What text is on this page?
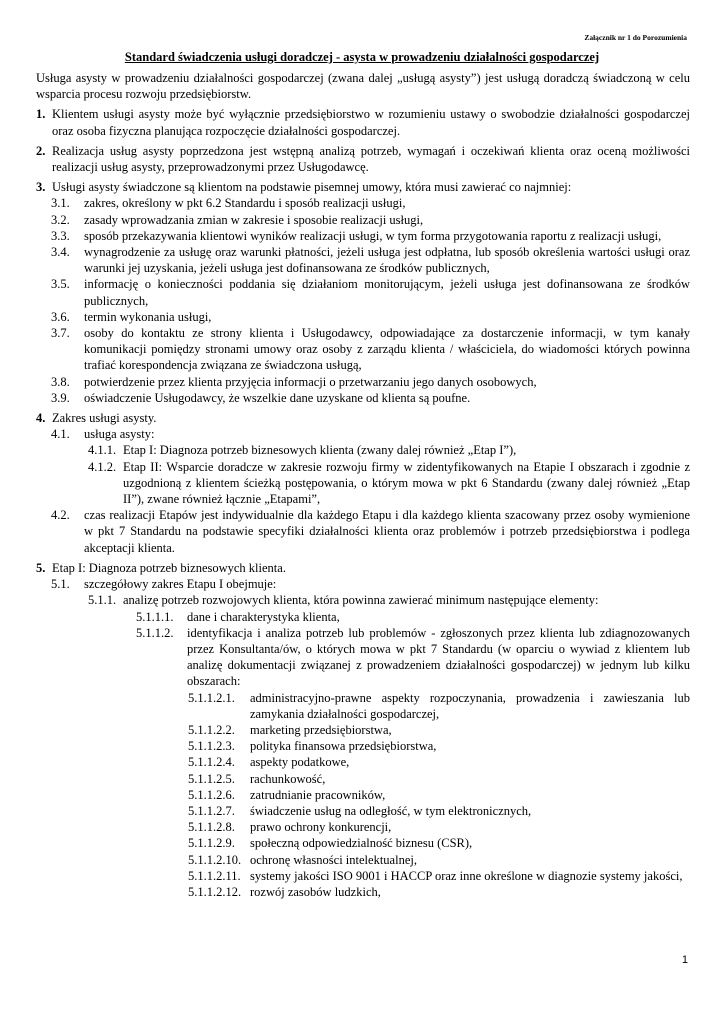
Załącznik nr 1 do Porozumienia
Standard świadczenia usługi doradczej - asysta w prowadzeniu działalności gospodarczej

Usługa asysty w prowadzeniu działalności gospodarczej (zwana dalej „usługą asysty”) jest usługą doradczą świadczoną w celu wsparcia procesu rozwoju przedsiębiorstw.

1. Klientem usługi asysty może być wyłącznie przedsiębiorstwo w rozumieniu ustawy o swobodzie działalności gospodarczej oraz osoba fizyczna planująca rozpoczęcie działalności gospodarczej.
2. Realizacja usług asysty poprzedzona jest wstępną analizą potrzeb, wymagań i oczekiwań klienta oraz oceną możliwości realizacji usług asysty, przeprowadzonymi przez Usługodawcę.
3. Usługi asysty świadczone są klientom na podstawie pisemnej umowy, która musi zawierać co najmniej:
3.1.	zakres, określony w pkt 6.2 Standardu i sposób realizacji usługi,
3.2.	zasady wprowadzania zmian w zakresie i sposobie realizacji usługi,
3.3.	sposób przekazywania klientowi wyników realizacji usługi, w tym forma przygotowania raportu z realizacji usługi,
3.4.	wynagrodzenie za usługę oraz warunki płatności, jeżeli usługa jest odpłatna, lub sposób określenia wartości usługi oraz warunki jej uzyskania, jeżeli usługa jest dofinansowana ze środków publicznych,
3.5.	informację o konieczności poddania się działaniom monitorującym, jeżeli usługa jest dofinansowana ze środków publicznych,
3.6.	termin wykonania usługi,
3.7.	osoby do kontaktu ze strony klienta i Usługodawcy, odpowiadające za dostarczenie informacji, w tym kanały komunikacji pomiędzy stronami umowy oraz osoby z zarządu klienta / właściciela, do wiadomości których powinna trafiać korespondencja związana ze świadczona usługą,
3.8.	potwierdzenie przez klienta przyjęcia informacji o przetwarzaniu jego danych osobowych,
3.9.	oświadczenie Usługodawcy, że wszelkie dane uzyskane od klienta są poufne.
4. Zakres usługi asysty.
4.1.	usługa asysty:
4.1.1. Etap I: Diagnoza potrzeb biznesowych klienta (zwany dalej również „Etap I”),
4.1.2. Etap II: Wsparcie doradcze w zakresie rozwoju firmy w zidentyfikowanych na Etapie I obszarach i zgodnie z uzgodnioną z klientem ścieżką postępowania, o którym mowa w pkt 6 Standardu (zwany dalej również „Etap II”), zwane również łącznie „Etapami”,
4.2.	czas realizacji Etapów jest indywidualnie dla każdego Etapu i dla każdego klienta szacowany przez osoby wymienione w pkt 7 Standardu na podstawie specyfiki działalności klienta oraz problemów i potrzeb przedsiębiorstwa i podlega akceptacji klienta.
5. Etap I: Diagnoza potrzeb biznesowych klienta.
5.1.	szczegółowy zakres Etapu I obejmuje:
5.1.1. analizę potrzeb rozwojowych klienta, która powinna zawierać minimum następujące elementy:
5.1.1.1.	dane i charakterystyka klienta,
5.1.1.2.	identyfikacja i analiza potrzeb lub problemów - zgłoszonych przez klienta lub zdiagnozowanych przez Konsultanta/ów, o których mowa w pkt 7 Standardu (w oparciu o wywiad z klientem lub analizę dokumentacji związanej z prowadzeniem działalności gospodarczej) w jednym lub kilku obszarach:
5.1.1.2.1.	administracyjno-prawne aspekty rozpoczynania, prowadzenia i zawieszania lub zamykania działalności gospodarczej,
5.1.1.2.2.	marketing przedsiębiorstwa,
5.1.1.2.3.	polityka finansowa przedsiębiorstwa,
5.1.1.2.4.	aspekty podatkowe,
5.1.1.2.5.	rachunkowość,
5.1.1.2.6.	zatrudnianie pracowników,
5.1.1.2.7.	świadczenie usług na odległość, w tym elektronicznych,
5.1.1.2.8.	prawo ochrony konkurencji,
5.1.1.2.9.	społeczną odpowiedzialność biznesu (CSR),
5.1.1.2.10. ochronę własności intelektualnej,
5.1.1.2.11. systemy jakości ISO 9001 i HACCP oraz inne określone w diagnozie systemy jakości,
5.1.1.2.12. rozwój zasobów ludzkich,
1
